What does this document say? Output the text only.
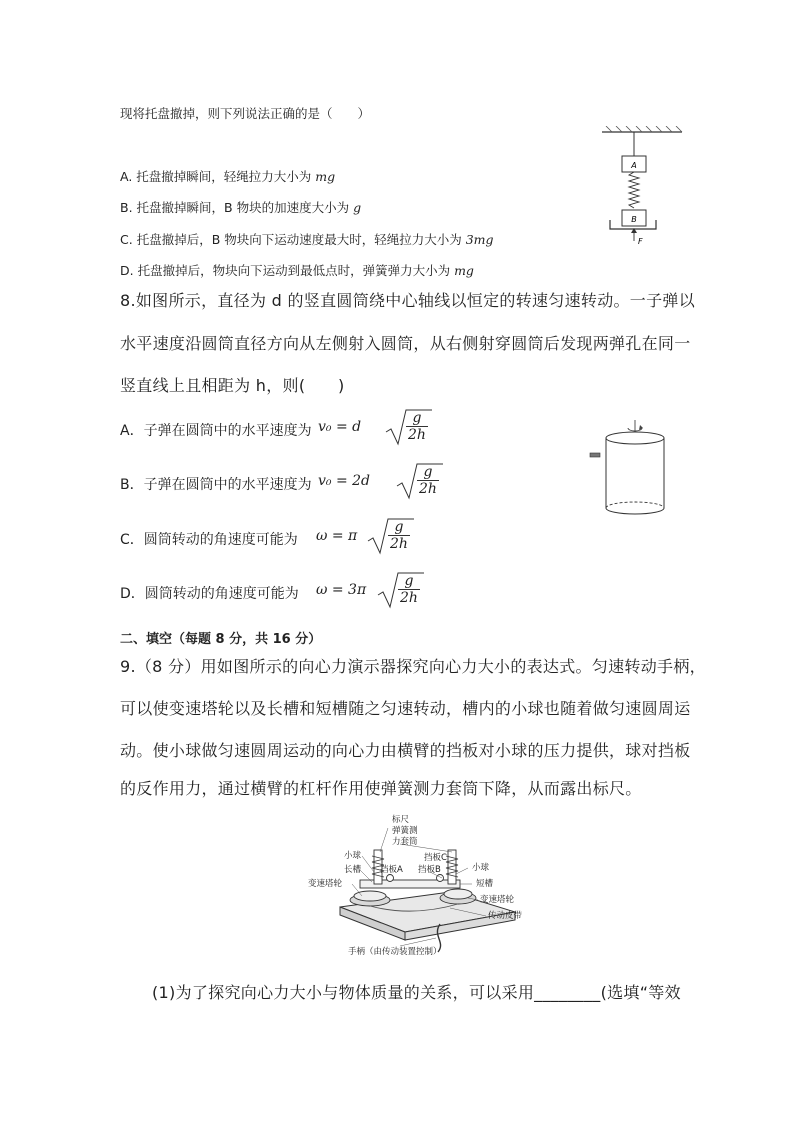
现将托盘撤掉，则下列说法正确的是（　　）
A. 托盘撤掉瞬间，轻绳拉力大小为 mg
B. 托盘撤掉瞬间，B 物块的加速度大小为 g
C. 托盘撤掉后，B 物块向下运动速度最大时，轻绳拉力大小为 3mg
D. 托盘撤掉后，物块向下运动到最低点时，弹簧弹力大小为 mg
A
B
F
8.如图所示，直径为 d 的竖直圆筒绕中心轴线以恒定的转速匀速转动。一子弹以
水平速度沿圆筒直径方向从左侧射入圆筒，从右侧射穿圆筒后发现两弹孔在同一
竖直线上且相距为 h，则(　　)
A．子弹在圆筒中的水平速度为 v₀ = d	$\frac{g}{2h}$
B．子弹在圆筒中的水平速度为 v₀ = 2d	$\frac{g}{2h}$
C．圆筒转动的角速度可能为 ω = π $\frac{g}{2h}$
D．圆筒转动的角速度可能为 $\omega = 3\pi \frac{g}{2h}$
二、填空（每题 8 分，共 16 分）
9.（8 分）用如图所示的向心力演示器探究向心力大小的表达式。匀速转动手柄，
可以使变速塔轮以及长槽和短槽随之匀速转动，槽内的小球也随着做匀速圆周运
动。使小球做匀速圆周运动的向心力由横臂的挡板对小球的压力提供，球对挡板
的反作用力，通过横臂的杠杆作用使弹簧测力套筒下降，从而露出标尺。
标尺
弹簧测
力套筒
小球
长槽
变速塔轮
挡板A 挡板B
挡板C
小球
短槽
变速塔轮
传动皮带
手柄（由传动装置控制）
(1)为了探究向心力大小与物体质量的关系，可以采用________(选填“等效
